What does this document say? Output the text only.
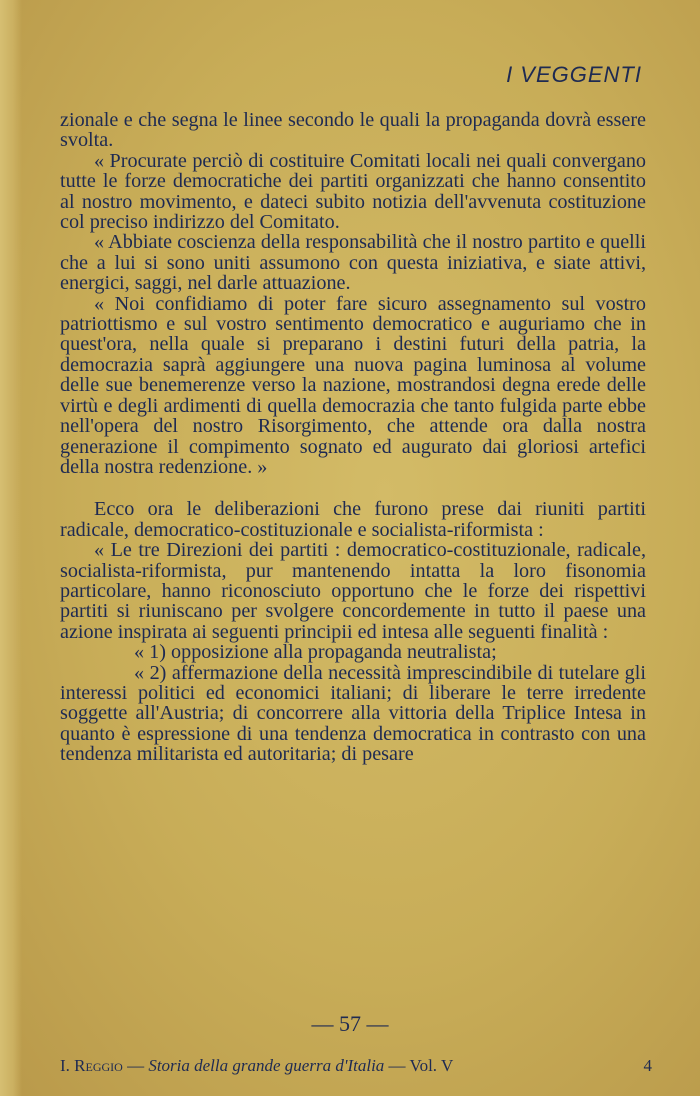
I VEGGENTI

zionale e che segna le linee secondo le quali la propaganda dovrà essere svolta.

« Procurate perciò di costituire Comitati locali nei quali convergano tutte le forze democratiche dei partiti organizzati che hanno consentito al nostro movimento, e dateci subito notizia dell'avvenuta costituzione col preciso indirizzo del Comitato.

« Abbiate coscienza della responsabilità che il nostro partito e quelli che a lui si sono uniti assumono con questa iniziativa, e siate attivi, energici, saggi, nel darle attuazione.

« Noi confidiamo di poter fare sicuro assegnamento sul vostro patriottismo e sul vostro sentimento democratico e auguriamo che in quest'ora, nella quale si preparano i destini futuri della patria, la democrazia saprà aggiungere una nuova pagina luminosa al volume delle sue benemerenze verso la nazione, mostrandosi degna erede delle virtù e degli ardimenti di quella democrazia che tanto fulgida parte ebbe nell'opera del nostro Risorgimento, che attende ora dalla nostra generazione il compimento sognato ed augurato dai gloriosi artefici della nostra redenzione. »

Ecco ora le deliberazioni che furono prese dai riuniti partiti radicale, democratico-costituzionale e socialista-riformista :

« Le tre Direzioni dei partiti : democratico-costituzionale, radicale, socialista-riformista, pur mantenendo intatta la loro fisonomia particolare, hanno riconosciuto opportuno che le forze dei rispettivi partiti si riuniscano per svolgere concordemente in tutto il paese una azione inspirata ai seguenti principii ed intesa alle seguenti finalità :

« 1) opposizione alla propaganda neutralista;

« 2) affermazione della necessità imprescindibile di tutelare gli interessi politici ed economici italiani; di liberare le terre irredente soggette all'Austria; di concorrere alla vittoria della Triplice Intesa in quanto è espressione di una tendenza democratica in contrasto con una tendenza militarista ed autoritaria; di pesare

— 57 —
I. Reggio — Storia della grande guerra d'Italia — Vol. V	4
